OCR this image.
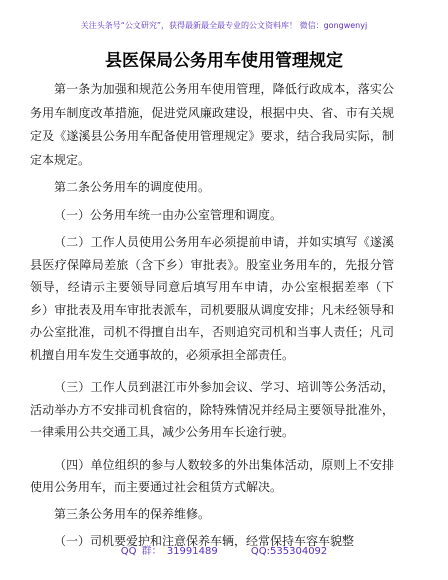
关注头条号“公文研究”，获得最新最全最专业的公文资料库！ 微信：gongwenyj
县医保局公务用车使用管理规定

第一条为加强和规范公务用车使用管理，降低行政成本，落实公务用车制度改革措施，促进党风廉政建设，根据中央、省、市有关规定及《遂溪县公务用车配备使用管理规定》要求，结合我局实际，制定本规定。

第二条公务用车的调度使用。

（一）公务用车统一由办公室管理和调度。

（二）工作人员使用公务用车必须提前申请，并如实填写《遂溪县医疗保障局差旅（含下乡）审批表》。股室业务用车的，先报分管领导，经请示主要领导同意后填写用车申请，办公室根据差率（下乡）审批表及用车审批表派车，司机要服从调度安排；凡未经领导和办公室批准，司机不得擅自出车，否则追究司机和当事人责任；凡司机擅自用车发生交通事故的，必须承担全部责任。

（三）工作人员到湛江市外参加会议、学习、培训等公务活动，活动举办方不安排司机食宿的，除特殊情况并经局主要领导批准外，一律乘用公共交通工具，减少公务用车长途行驶。

（四）单位组织的参与人数较多的外出集体活动，原则上不安排使用公务用车，而主要通过社会租赁方式解决。

第三条公务用车的保养维修。

（一）司机要爱护和注意保养车辆，经常保持车容车貌整

QQ 群： 31991489	QQ:535304092
